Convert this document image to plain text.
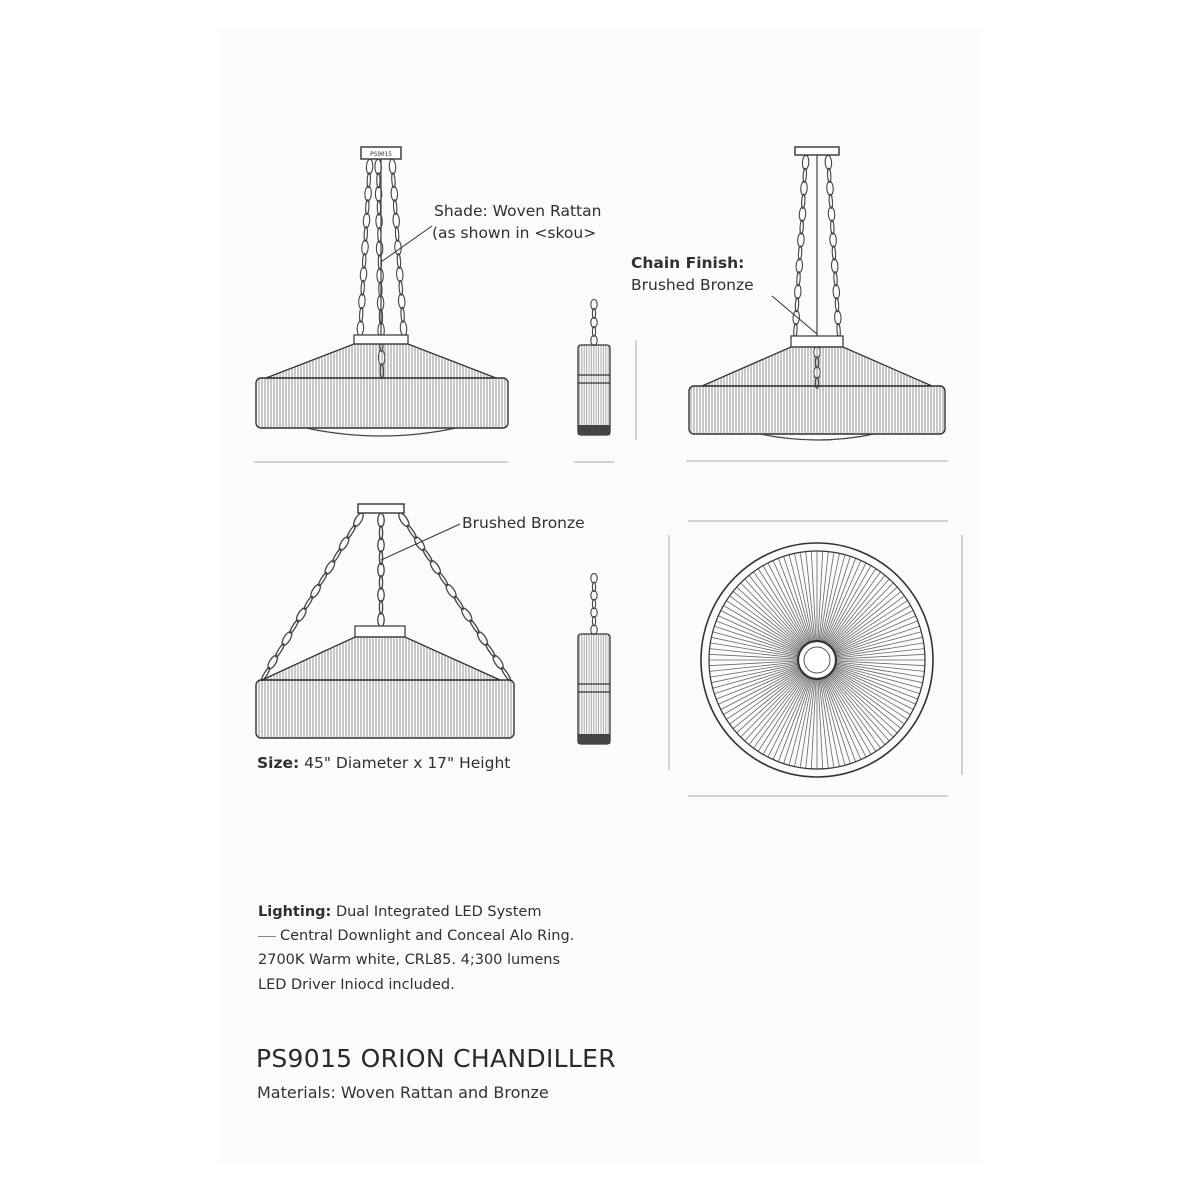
PS9015
Shade: Woven Rattan
(as shown in <skou>
Chain Finish:
Brushed Bronze
Brushed Bronze
Size: 45" Diameter x 17" Height
Lighting: Dual Integrated LED System
Central Downlight and Conceal Alo Ring.
2700K Warm white, CRL85. 4;300 lumens
LED Driver Iniocd included.
PS9015 ORION CHANDILLER
Materials: Woven Rattan and Bronze
